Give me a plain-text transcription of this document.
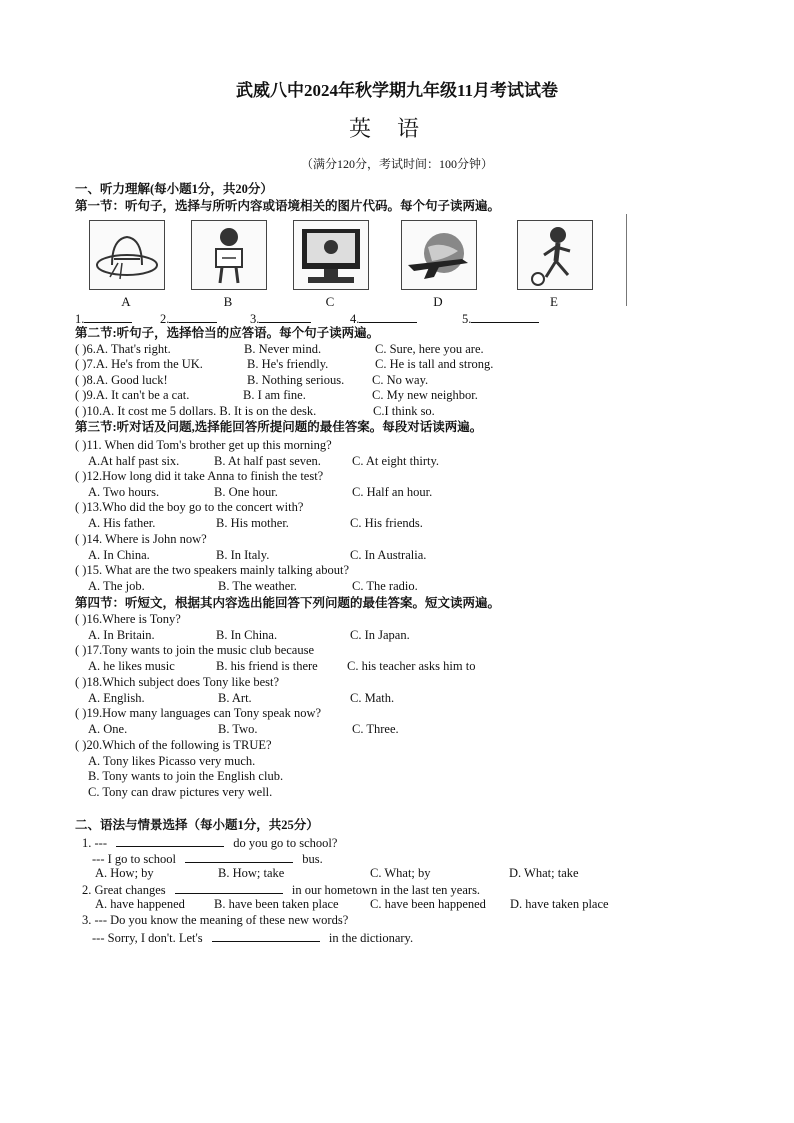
武威八中2024年秋学期九年级11月考试试卷
英语
（满分120分，考试时间：100分钟）
一、听力理解(每小题1分，共20分）
第一节：听句子，选择与所听内容或语境相关的图片代码。每个句子读两遍。
A	B	C	D	E
1.	2.	3.	4.	5.
第二节:听句子，选择恰当的应答语。每个句子读两遍。
( )6.A. That's right.	B. Never mind.	C. Sure, here you are.
( )7.A. He's from the UK.	B. He's friendly.	C. He is tall and strong.
( )8.A. Good luck!	B. Nothing serious. C. No way.
( )9.A. It can't be a cat.	B. I am fine.	C. My new neighbor.
( )10.A. It cost me 5 dollars. B. It is on the desk.	C.I think so.
第三节:听对话及问题,选择能回答所提问题的最佳答案。每段对话读两遍。
( )11. When did Tom's brother get up this morning?
A.At half past six.	B. At half past seven. C. At eight thirty.
( )12.How long did it take Anna to finish the test?
A. Two hours.	B. One hour.	C. Half an hour.
( )13.Who did the boy go to the concert with?
A. His father.	B. His mother.	C. His friends.
( )14. Where is John now?
A. In China.	B. In Italy.	C. In Australia.
( )15. What are the two speakers mainly talking about?
A. The job.	B. The weather.	C. The radio.
第四节：听短文，根据其内容选出能回答下列问题的最佳答案。短文读两遍。
( )16.Where is Tony?
A. In Britain.	B. In China.	C. In Japan.
( )17.Tony wants to join the music club because
A. he likes music	B. his friend is there C. his teacher asks him to
( )18.Which subject does Tony like best?
A. English.	B. Art.	C. Math.
( )19.How many languages can Tony speak now?
A. One.	B. Two.	C. Three.
( )20.Which of the following is TRUE?
A. Tony likes Picasso very much.
B. Tony wants to join the English club.
C. Tony can draw pictures very well.
二、语法与情景选择（每小题1分，共25分）
1. ---	do you go to school?
--- I go to school	bus.
A. How; by	B. How; take	C. What; by	D. What; take
2. Great changes	in our hometown in the last ten years.
A. have happened B. have been taken place	C. have been happened D. have taken place
3. --- Do you know the meaning of these new words?
--- Sorry, I don't. Let's	in the dictionary.
